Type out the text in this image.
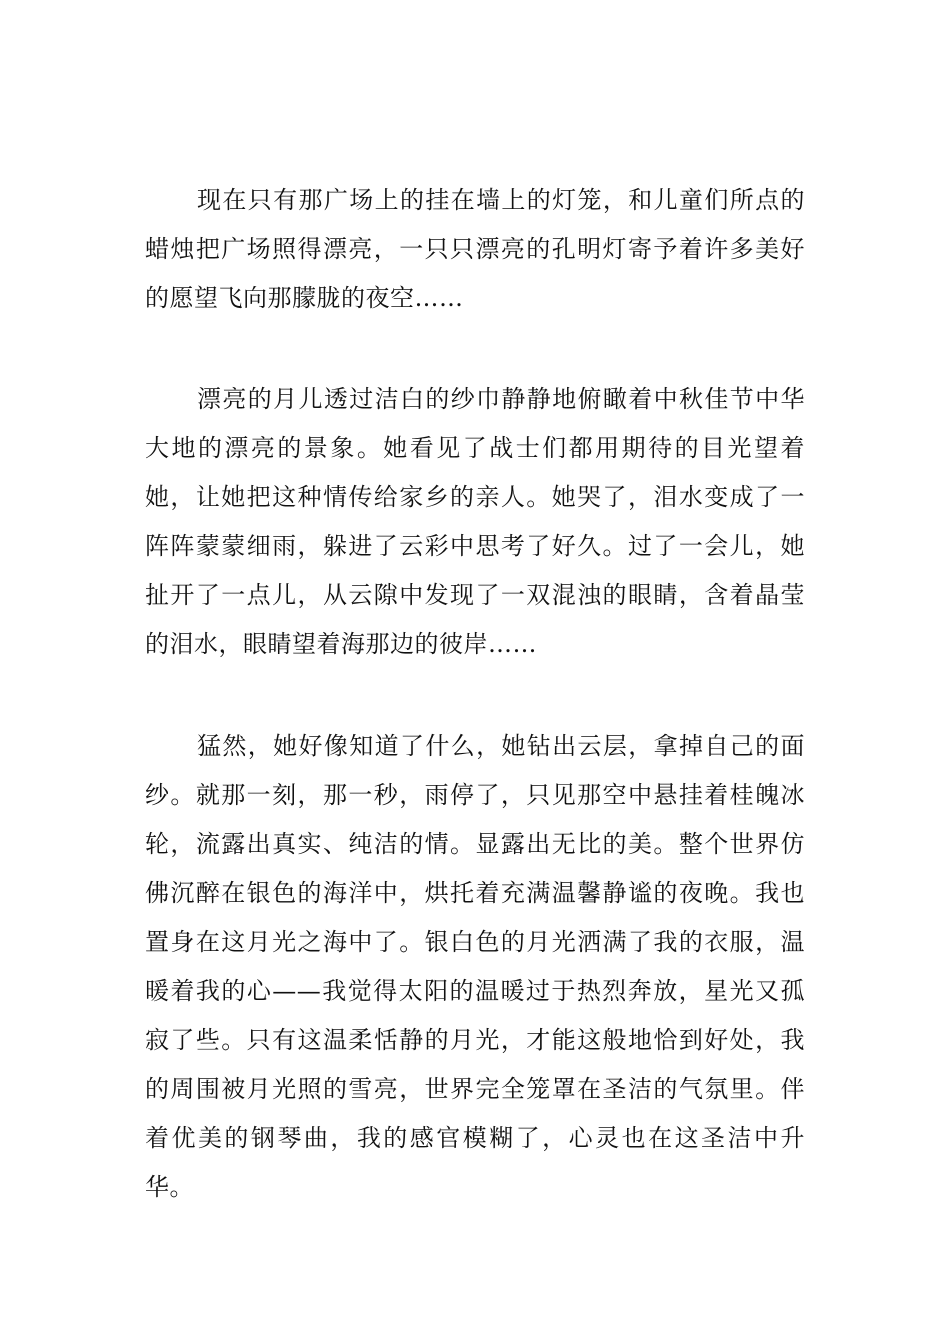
现在只有那广场上的挂在墙上的灯笼，和儿童们所点的蜡烛把广场照得漂亮，一只只漂亮的孔明灯寄予着许多美好的愿望飞向那朦胧的夜空……

漂亮的月儿透过洁白的纱巾静静地俯瞰着中秋佳节中华大地的漂亮的景象。她看见了战士们都用期待的目光望着她，让她把这种情传给家乡的亲人。她哭了，泪水变成了一阵阵蒙蒙细雨，躲进了云彩中思考了好久。过了一会儿，她扯开了一点儿，从云隙中发现了一双混浊的眼睛，含着晶莹的泪水，眼睛望着海那边的彼岸……

猛然，她好像知道了什么，她钻出云层，拿掉自己的面纱。就那一刻，那一秒，雨停了，只见那空中悬挂着桂魄冰轮，流露出真实、纯洁的情。显露出无比的美。整个世界仿佛沉醉在银色的海洋中，烘托着充满温馨静谧的夜晚。我也置身在这月光之海中了。银白色的月光洒满了我的衣服，温暖着我的心——我觉得太阳的温暖过于热烈奔放，星光又孤寂了些。只有这温柔恬静的月光，才能这般地恰到好处，我的周围被月光照的雪亮，世界完全笼罩在圣洁的气氛里。伴着优美的钢琴曲，我的感官模糊了，心灵也在这圣洁中升华。
